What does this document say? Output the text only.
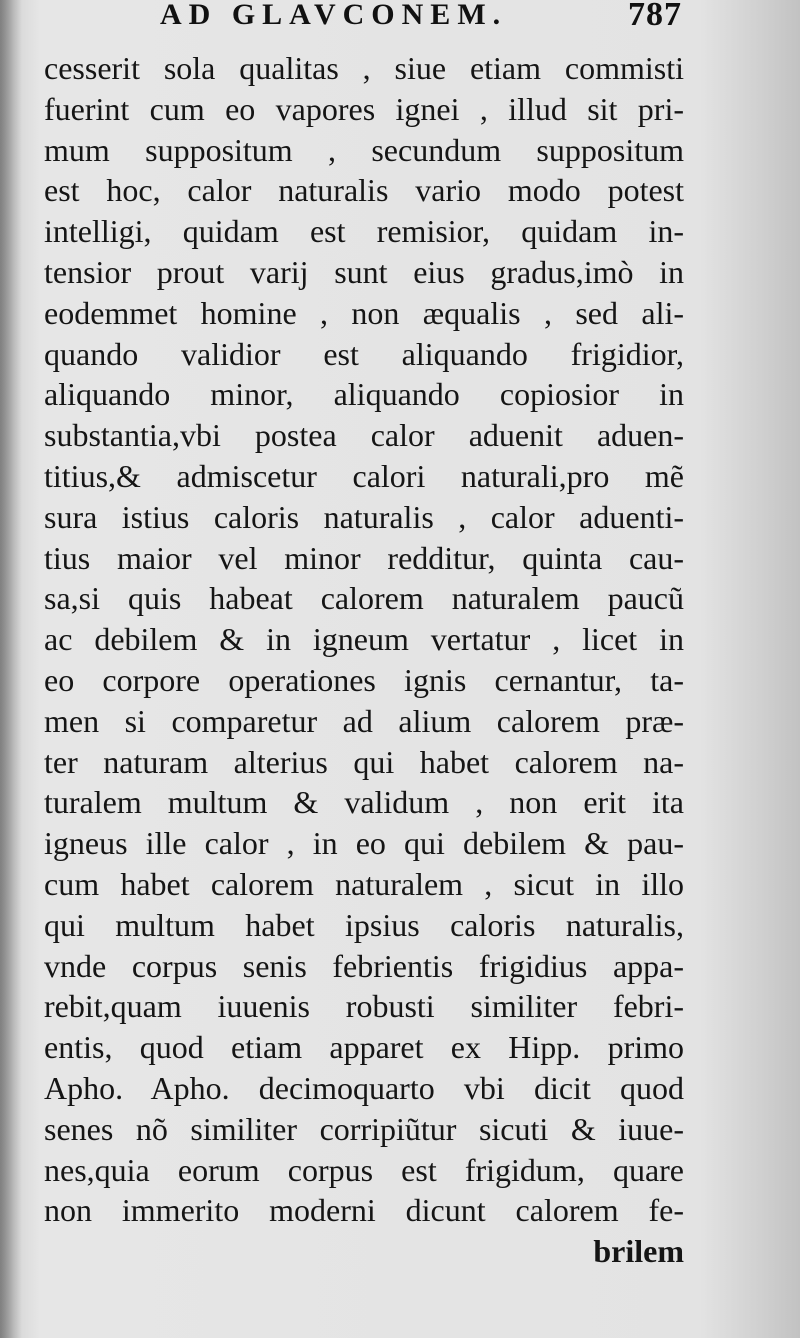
AD GLAVCONEM.	787
cesserit sola qualitas , siue etiam commisti
fuerint cum eo vapores ignei , illud sit pri-
mum suppositum , secundum suppositum
est hoc, calor naturalis vario modo potest
intelligi, quidam est remisior, quidam in-
tensior prout varij sunt eius gradus,imò in
eodemmet homine , non æqualis , sed ali-
quando validior est aliquando frigidior,
aliquando minor, aliquando copiosior in
substantia,vbi postea calor aduenit aduen-
titius,& admiscetur calori naturali,pro mẽ
sura istius caloris naturalis , calor aduenti-
tius maior vel minor redditur, quinta cau-
sa,si quis habeat calorem naturalem paucũ
ac debilem & in igneum vertatur , licet in
eo corpore operationes ignis cernantur, ta-
men si comparetur ad alium calorem præ-
ter naturam alterius qui habet calorem na-
turalem multum & validum , non erit ita
igneus ille calor , in eo qui debilem & pau-
cum habet calorem naturalem , sicut in illo
qui multum habet ipsius caloris naturalis,
vnde corpus senis febrientis frigidius appa-
rebit,quam iuuenis robusti similiter febri-
entis, quod etiam apparet ex Hipp. primo
Apho. Apho. decimoquarto vbi dicit quod
senes nõ similiter corripiũtur sicuti & iuue-
nes,quia eorum corpus est frigidum, quare
non immerito moderni dicunt calorem fe-
brilem
